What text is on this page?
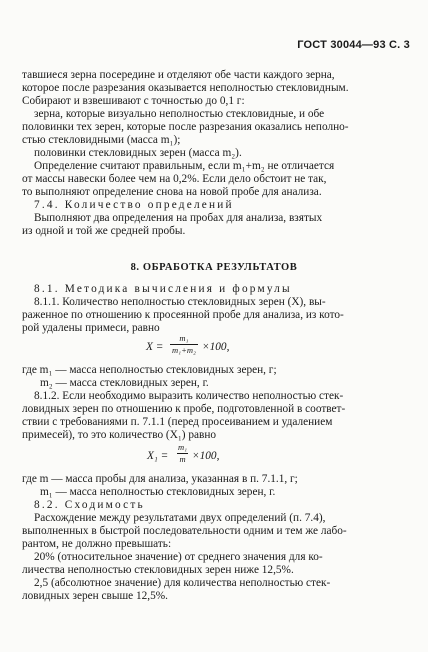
ГОСТ 30044—93 С. 3
тавшиеся зерна посередине и отделяют обе части каждого зерна,
которое после разрезания оказывается неполностью стекловидным.
Собирают и взвешивают с точностью до 0,1 г:
зерна, которые визуально неполностью стекловидные, и обе
половинки тех зерен, которые после разрезания оказались неполно-
стью стекловидными (масса m₁);
половинки стекловидных зерен (масса m₂).
Определение считают правильным, если m₁+m₂ не отличается
от массы навески более чем на 0,2%. Если дело обстоит не так,
то выполняют определение снова на новой пробе для анализа.
7.4. Количество определений
Выполняют два определения на пробах для анализа, взятых
из одной и той же средней пробы.
8. ОБРАБОТКА РЕЗУЛЬТАТОВ
8.1. Методика вычисления и формулы
8.1.1. Количество неполностью стекловидных зерен (X), вы-
раженное по отношению к просеянной пробе для анализа, из кото-
рой удалены примеси, равно
$X = \frac{\text{m₁}}{\text{m₁+m₂}} \times 100$,
где m₁ — масса неполностью стекловидных зерен, г;
m₂ — масса стекловидных зерен, г.
8.1.2. Если необходимо выразить количество неполностью стек-
ловидных зерен по отношению к пробе, подготовленной в соответ-
ствии с требованиями п. 7.1.1 (перед просеиванием и удалением
примесей), то это количество (X₁) равно
$X_1 = \frac{\text{m₁}}{m} \times 100$,
где m — масса пробы для анализа, указанная в п. 7.1.1, г;
m₁ — масса неполностью стекловидных зерен, г.
8.2. Сходимость
Расхождение между результатами двух определений (п. 7.4),
выполненных в быстрой последовательности одним и тем же лабо-
рантом, не должно превышать:
20% (относительное значение) от среднего значения для ко-
личества неполностью стекловидных зерен ниже 12,5%.
2,5 (абсолютное значение) для количества неполностью стек-
ловидных зерен свыше 12,5%.
